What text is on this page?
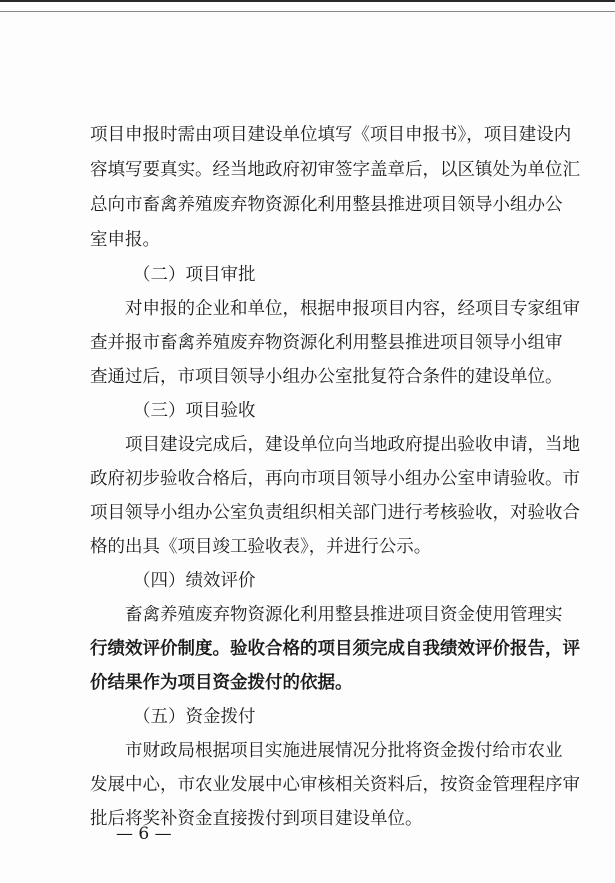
项目申报时需由项目建设单位填写《项目申报书》，项目建设内
容填写要真实。经当地政府初审签字盖章后，以区镇处为单位汇
总向市畜禽养殖废弃物资源化利用整县推进项目领导小组办公
室申报。
（二）项目审批
对申报的企业和单位，根据申报项目内容，经项目专家组审
查并报市畜禽养殖废弃物资源化利用整县推进项目领导小组审
查通过后，市项目领导小组办公室批复符合条件的建设单位。
（三）项目验收
项目建设完成后，建设单位向当地政府提出验收申请，当地
政府初步验收合格后，再向市项目领导小组办公室申请验收。市
项目领导小组办公室负责组织相关部门进行考核验收，对验收合
格的出具《项目竣工验收表》，并进行公示。
（四）绩效评价
畜禽养殖废弃物资源化利用整县推进项目资金使用管理实
行绩效评价制度。验收合格的项目须完成自我绩效评价报告，评
价结果作为项目资金拨付的依据。
（五）资金拨付
市财政局根据项目实施进展情况分批将资金拨付给市农业
发展中心，市农业发展中心审核相关资料后，按资金管理程序审
批后将奖补资金直接拨付到项目建设单位。
— 6 —
